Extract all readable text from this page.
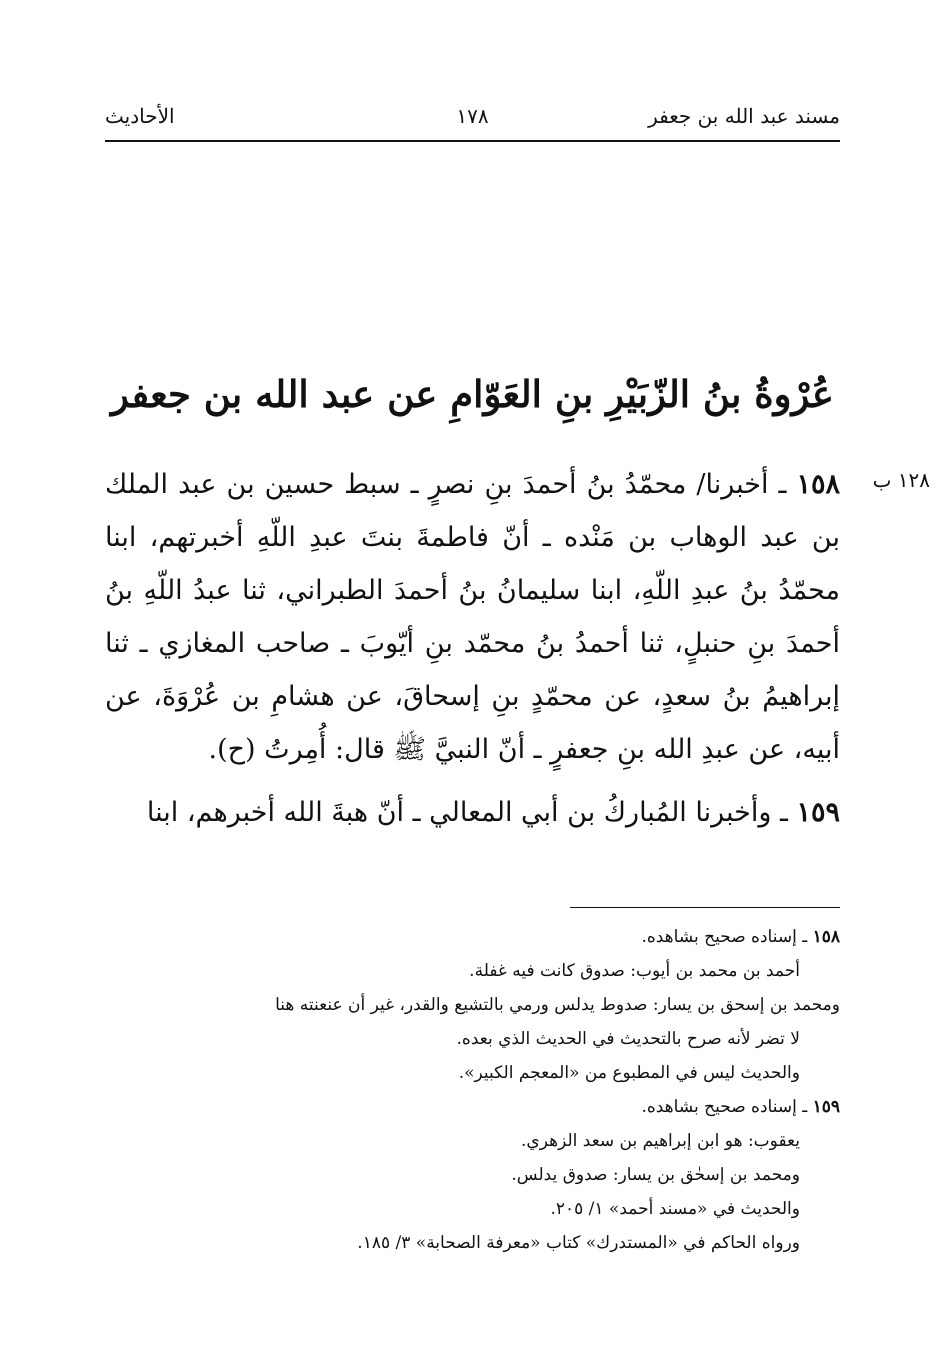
مسند عبد الله بن جعفر
١٧٨
الأحاديث
عُرْوةُ بنُ الزّبَيْرِ بنِ العَوّامِ عن عبد الله بن جعفر
١٢٨ ب

١٥٨ ـ أخبرنا/ محمّدُ بنُ أحمدَ بنِ نصرٍ ـ سبط حسين بن عبد الملك بن عبد الوهاب بن مَنْده ـ أنّ فاطمةَ بنتَ عبدِ اللّهِ أخبرتهم، ابنا محمّدُ بنُ عبدِ اللّهِ، ابنا سليمانُ بنُ أحمدَ الطبراني، ثنا عبدُ اللّهِ بنُ أحمدَ بنِ حنبلٍ، ثنا أحمدُ بنُ محمّد بنِ أيّوبَ ـ صاحب المغازي ـ ثنا إبراهيمُ بنُ سعدٍ، عن محمّدٍ بنِ إسحاقَ، عن هشامِ بن عُرْوَةَ، عن أبيه، عن عبدِ الله بنِ جعفرٍ ـ أنّ النبيَّ ﷺ قال: أُمِرتُ (ح).

١٥٩ ـ وأخبرنا المُباركُ بن أبي المعالي ـ أنّ هبةَ الله أخبرهم، ابنا

١٥٨ ـ إسناده صحيح بشاهده.

أحمد بن محمد بن أيوب: صدوق كانت فيه غفلة.

ومحمد بن إسحق بن يسار: صدوط يدلس ورمي بالتشيع والقدر، غير أن عنعنته هنا

لا تضر لأنه صرح بالتحديث في الحديث الذي بعده.

والحديث ليس في المطبوع من «المعجم الكبير».

١٥٩ ـ إسناده صحيح بشاهده.

يعقوب: هو ابن إبراهيم بن سعد الزهري.

ومحمد بن إسحٰق بن يسار: صدوق يدلس.

والحديث في «مسند أحمد» ١/ ٢٠٥.

ورواه الحاكم في «المستدرك» كتاب «معرفة الصحابة» ٣/ ١٨٥.
